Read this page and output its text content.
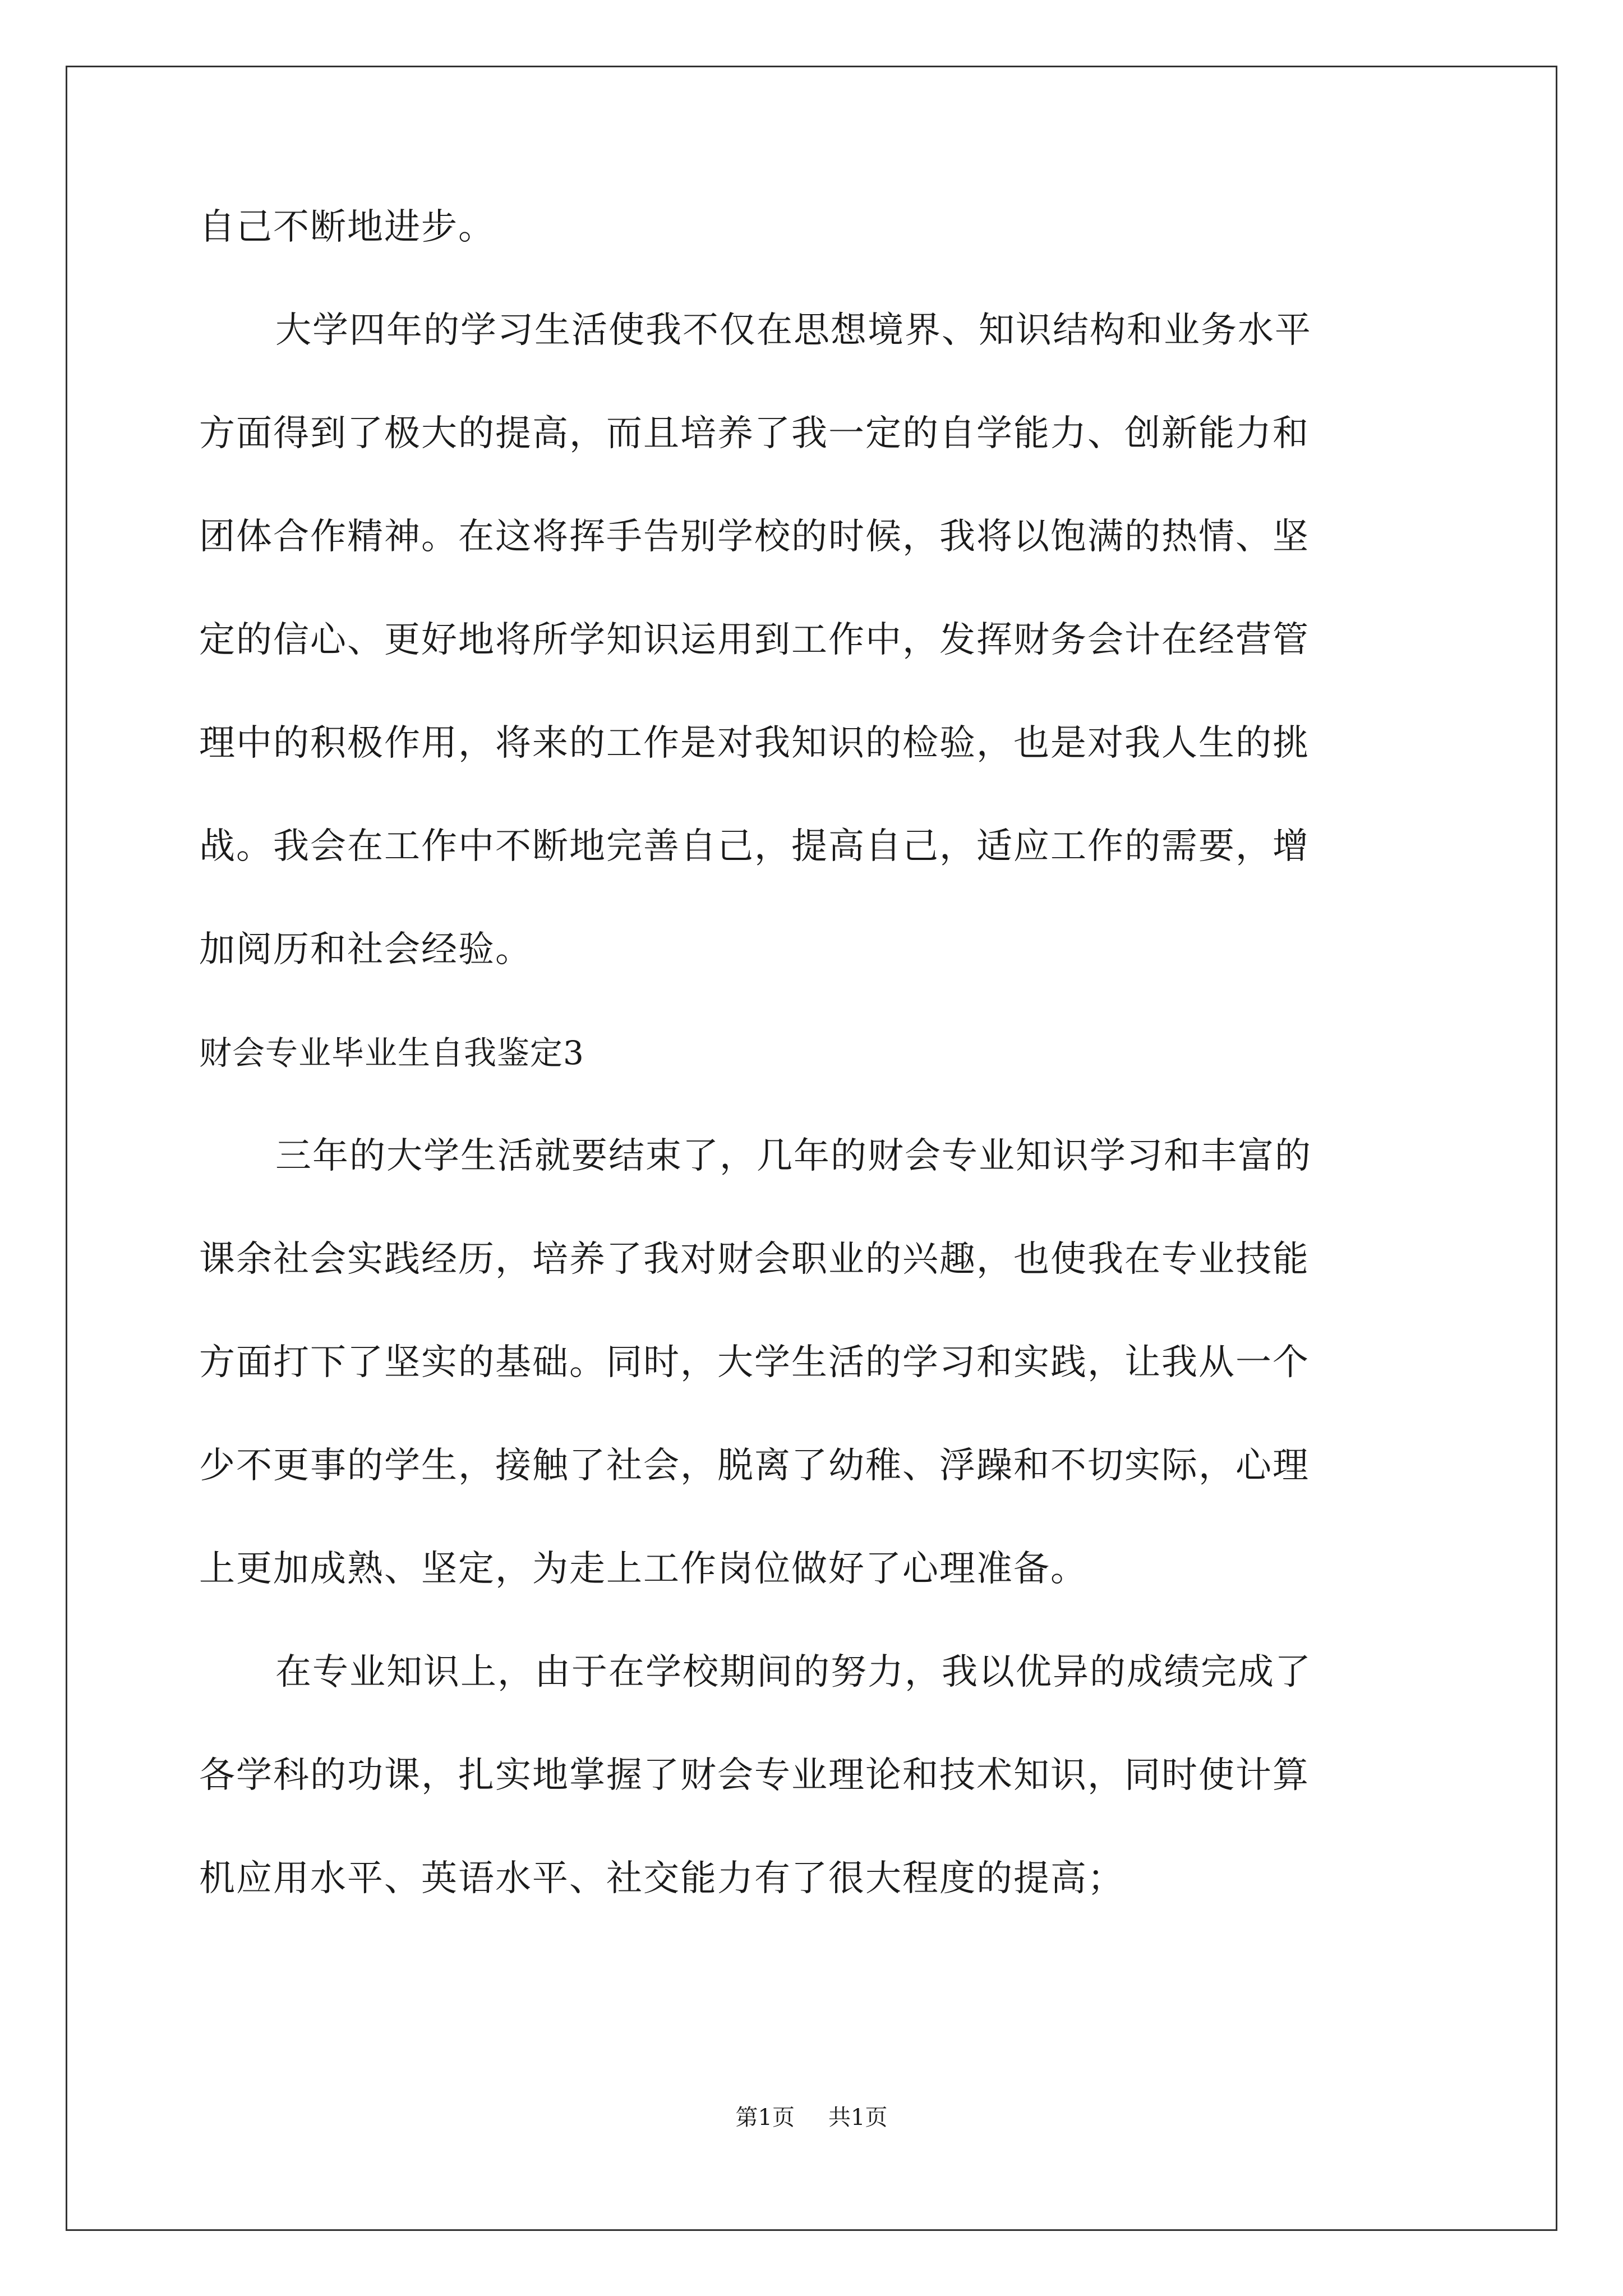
自己不断地进步。
大学四年的学习生活使我不仅在思想境界、知识结构和业务水平
方面得到了极大的提高，而且培养了我一定的自学能力、创新能力和
团体合作精神。在这将挥手告别学校的时候，我将以饱满的热情、坚
定的信心、更好地将所学知识运用到工作中，发挥财务会计在经营管
理中的积极作用，将来的工作是对我知识的检验，也是对我人生的挑
战。我会在工作中不断地完善自己，提高自己，适应工作的需要，增
加阅历和社会经验。
财会专业毕业生自我鉴定3
三年的大学生活就要结束了，几年的财会专业知识学习和丰富的
课余社会实践经历，培养了我对财会职业的兴趣，也使我在专业技能
方面打下了坚实的基础。同时，大学生活的学习和实践，让我从一个
少不更事的学生，接触了社会，脱离了幼稚、浮躁和不切实际，心理
上更加成熟、坚定，为走上工作岗位做好了心理准备。
在专业知识上，由于在学校期间的努力，我以优异的成绩完成了
各学科的功课，扎实地掌握了财会专业理论和技术知识，同时使计算
机应用水平、英语水平、社交能力有了很大程度的提高；
第1页 共1页
